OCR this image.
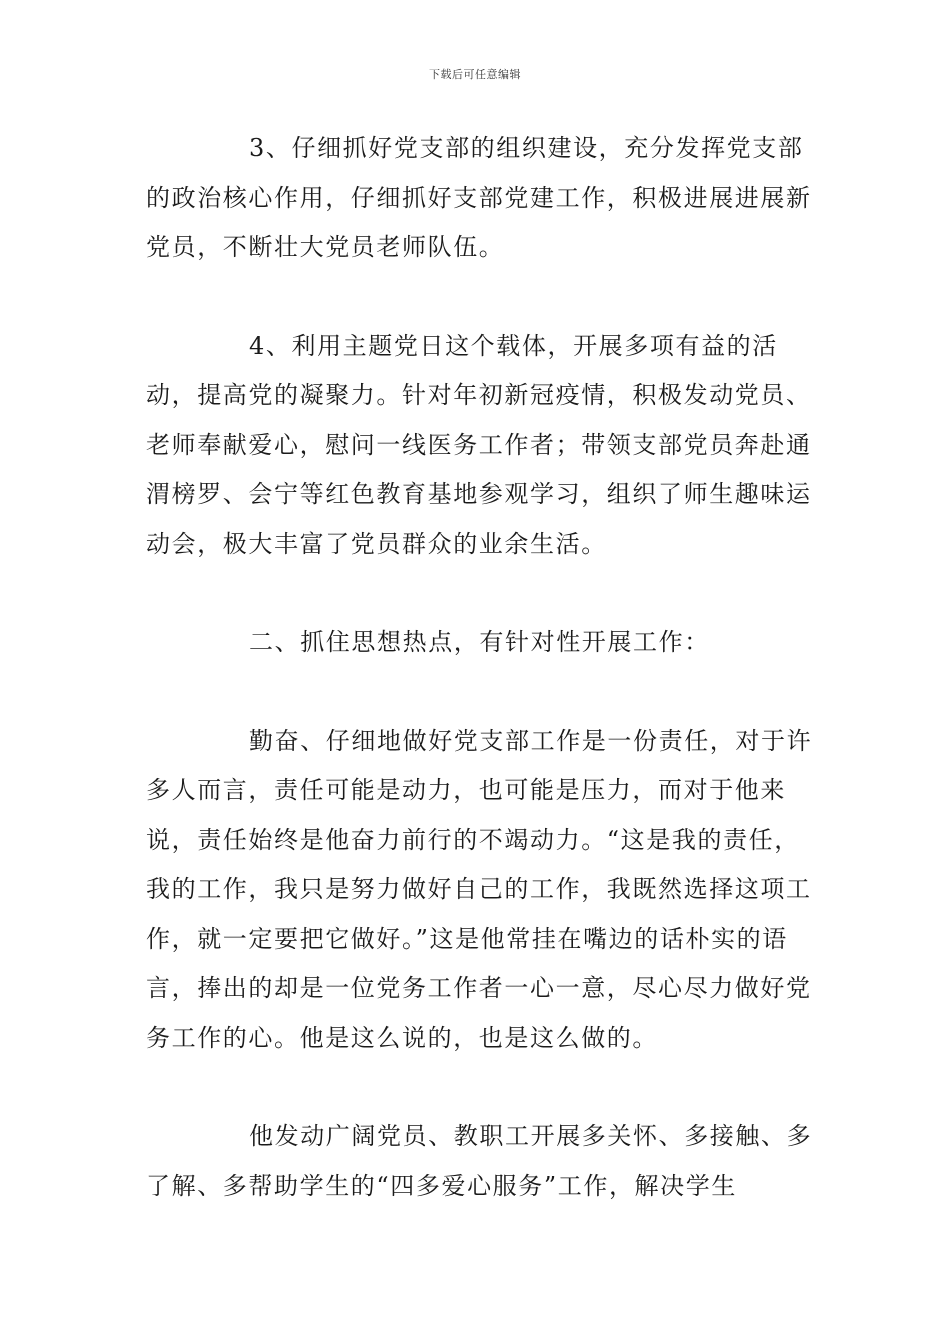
下载后可任意编辑

3、仔细抓好党支部的组织建设，充分发挥党支部的政治核心作用，仔细抓好支部党建工作，积极进展进展新党员，不断壮大党员老师队伍。

4、利用主题党日这个载体，开展多项有益的活动，提高党的凝聚力。针对年初新冠疫情，积极发动党员、老师奉献爱心，慰问一线医务工作者；带领支部党员奔赴通渭榜罗、会宁等红色教育基地参观学习，组织了师生趣味运动会，极大丰富了党员群众的业余生活。

二、抓住思想热点，有针对性开展工作：

勤奋、仔细地做好党支部工作是一份责任，对于许多人而言，责任可能是动力，也可能是压力，而对于他来说，责任始终是他奋力前行的不竭动力。“这是我的责任，我的工作，我只是努力做好自己的工作，我既然选择这项工作，就一定要把它做好。”这是他常挂在嘴边的话朴实的语言，捧出的却是一位党务工作者一心一意，尽心尽力做好党务工作的心。他是这么说的，也是这么做的。

他发动广阔党员、教职工开展多关怀、多接触、多了解、多帮助学生的“四多爱心服务”工作，解决学生
